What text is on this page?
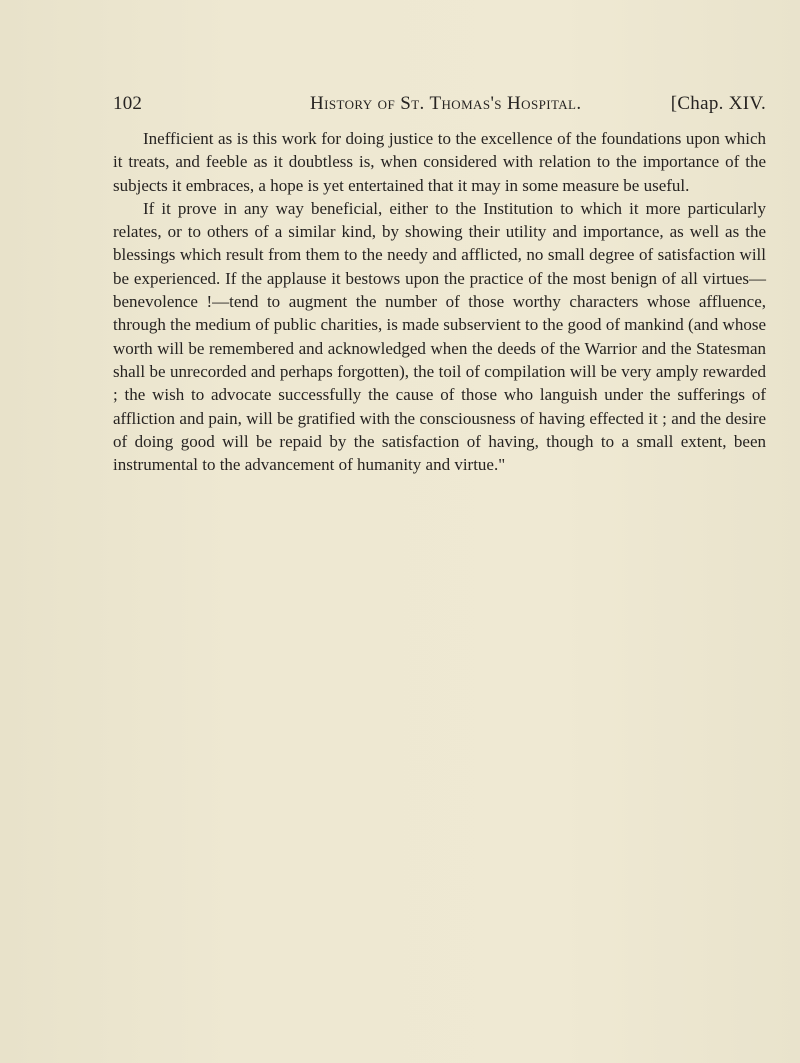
102	History of St. Thomas's Hospital.	[Chap. XIV.

Inefficient as is this work for doing justice to the excellence of the foundations upon which it treats, and feeble as it doubtless is, when considered with relation to the importance of the subjects it embraces, a hope is yet entertained that it may in some measure be useful.

If it prove in any way beneficial, either to the Institution to which it more particularly relates, or to others of a similar kind, by showing their utility and importance, as well as the blessings which result from them to the needy and afflicted, no small degree of satisfaction will be experienced. If the applause it bestows upon the practice of the most benign of all virtues—benevolence !—tend to augment the number of those worthy characters whose affluence, through the medium of public charities, is made subservient to the good of mankind (and whose worth will be remembered and acknowledged when the deeds of the Warrior and the Statesman shall be unrecorded and perhaps forgotten), the toil of compilation will be very amply rewarded ; the wish to advocate successfully the cause of those who languish under the sufferings of affliction and pain, will be gratified with the consciousness of having effected it ; and the desire of doing good will be repaid by the satisfaction of having, though to a small extent, been instrumental to the advancement of humanity and virtue."
